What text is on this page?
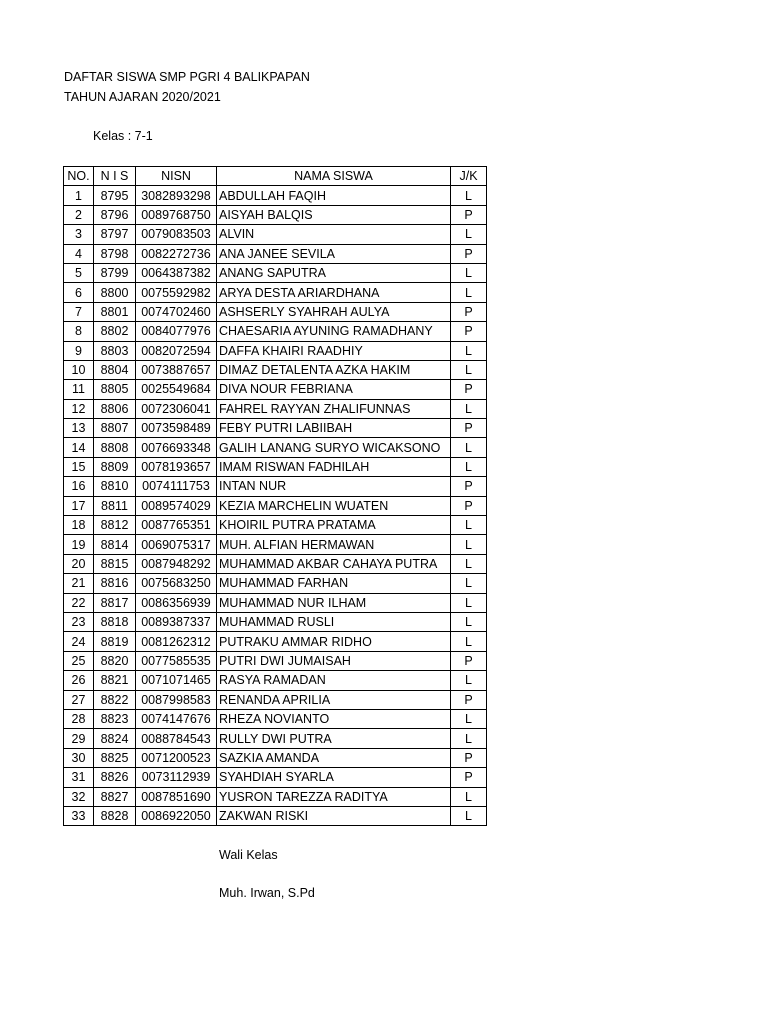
DAFTAR SISWA SMP PGRI 4 BALIKPAPAN
TAHUN AJARAN 2020/2021
Kelas : 7-1
NO.	N I S	NISN	NAMA SISWA	J/K
1	8795	3082893298	ABDULLAH FAQIH	L
2	8796	0089768750	AISYAH BALQIS	P
3	8797	0079083503	ALVIN	L
4	8798	0082272736	ANA JANEE SEVILA	P
5	8799	0064387382	ANANG SAPUTRA	L
6	8800	0075592982	ARYA DESTA ARIARDHANA	L
7	8801	0074702460	ASHSERLY SYAHRAH AULYA	P
8	8802	0084077976	CHAESARIA AYUNING RAMADHANY	P
9	8803	0082072594	DAFFA KHAIRI RAADHIY	L
10	8804	0073887657	DIMAZ DETALENTA AZKA HAKIM	L
11	8805	0025549684	DIVA NOUR FEBRIANA	P
12	8806	0072306041	FAHREL RAYYAN ZHALIFUNNAS	L
13	8807	0073598489	FEBY PUTRI LABIIBAH	P
14	8808	0076693348	GALIH LANANG SURYO WICAKSONO	L
15	8809	0078193657	IMAM RISWAN FADHILAH	L
16	8810	0074111753	INTAN NUR	P
17	8811	0089574029	KEZIA MARCHELIN WUATEN	P
18	8812	0087765351	KHOIRIL PUTRA PRATAMA	L
19	8814	0069075317	MUH. ALFIAN HERMAWAN	L
20	8815	0087948292	MUHAMMAD AKBAR CAHAYA PUTRA	L
21	8816	0075683250	MUHAMMAD FARHAN	L
22	8817	0086356939	MUHAMMAD NUR ILHAM	L
23	8818	0089387337	MUHAMMAD RUSLI	L
24	8819	0081262312	PUTRAKU AMMAR RIDHO	L
25	8820	0077585535	PUTRI DWI JUMAISAH	P
26	8821	0071071465	RASYA RAMADAN	L
27	8822	0087998583	RENANDA APRILIA	P
28	8823	0074147676	RHEZA NOVIANTO	L
29	8824	0088784543	RULLY DWI PUTRA	L
30	8825	0071200523	SAZKIA AMANDA	P
31	8826	0073112939	SYAHDIAH SYARLA	P
32	8827	0087851690	YUSRON TAREZZA RADITYA	L
33	8828	0086922050	ZAKWAN RISKI	L
Wali Kelas
Muh. Irwan, S.Pd
